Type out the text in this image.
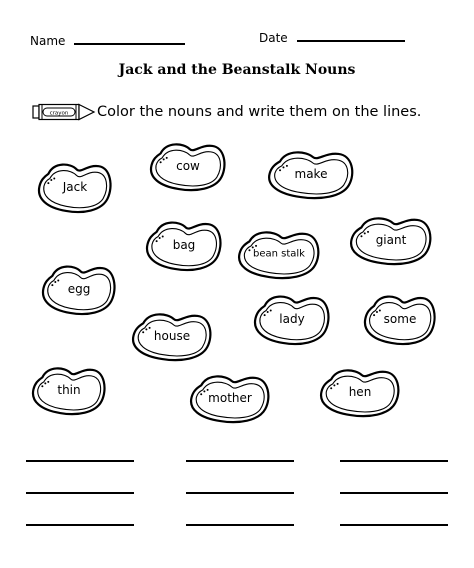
Name	Date
Jack and the Beanstalk Nouns
crayon Color the nouns and write them on the lines.
Jack
cow
make
bag
bean stalk
giant
egg
house
lady	some
thin
mother	hen
